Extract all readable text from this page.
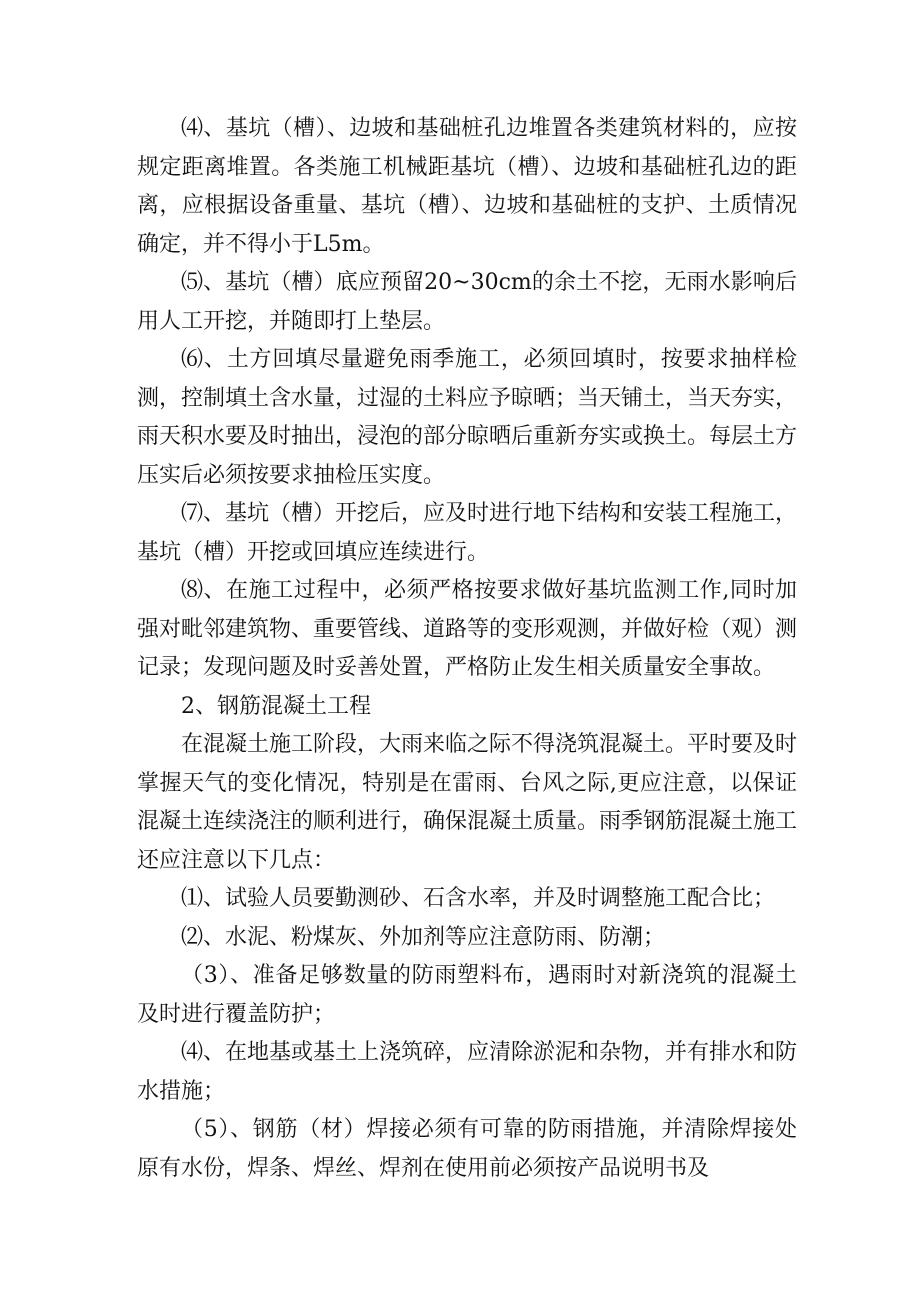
⑷、基坑（槽）、边坡和基础桩孔边堆置各类建筑材料的，应按规定距离堆置。各类施工机械距基坑（槽）、边坡和基础桩孔边的距离，应根据设备重量、基坑（槽）、边坡和基础桩的支护、土质情况确定，并不得小于L5m。

⑸、基坑（槽）底应预留20~30cm的余土不挖，无雨水影响后用人工开挖，并随即打上垫层。

⑹、土方回填尽量避免雨季施工，必须回填时，按要求抽样检测，控制填土含水量，过湿的土料应予晾晒；当天铺土，当天夯实，雨天积水要及时抽出，浸泡的部分晾晒后重新夯实或换土。每层土方压实后必须按要求抽检压实度。

⑺、基坑（槽）开挖后，应及时进行地下结构和安装工程施工，基坑（槽）开挖或回填应连续进行。

⑻、在施工过程中，必须严格按要求做好基坑监测工作,同时加强对毗邻建筑物、重要管线、道路等的变形观测，并做好检（观）测记录；发现问题及时妥善处置，严格防止发生相关质量安全事故。

2、钢筋混凝土工程

在混凝土施工阶段，大雨来临之际不得浇筑混凝土。平时要及时掌握天气的变化情况，特别是在雷雨、台风之际,更应注意，以保证混凝土连续浇注的顺利进行，确保混凝土质量。雨季钢筋混凝土施工还应注意以下几点：

⑴、试验人员要勤测砂、石含水率，并及时调整施工配合比；

⑵、水泥、粉煤灰、外加剂等应注意防雨、防潮；

（3）、准备足够数量的防雨塑料布，遇雨时对新浇筑的混凝土及时进行覆盖防护；

⑷、在地基或基土上浇筑碎，应清除淤泥和杂物，并有排水和防水措施；

（5）、钢筋（材）焊接必须有可靠的防雨措施，并清除焊接处原有水份，焊条、焊丝、焊剂在使用前必须按产品说明书及
